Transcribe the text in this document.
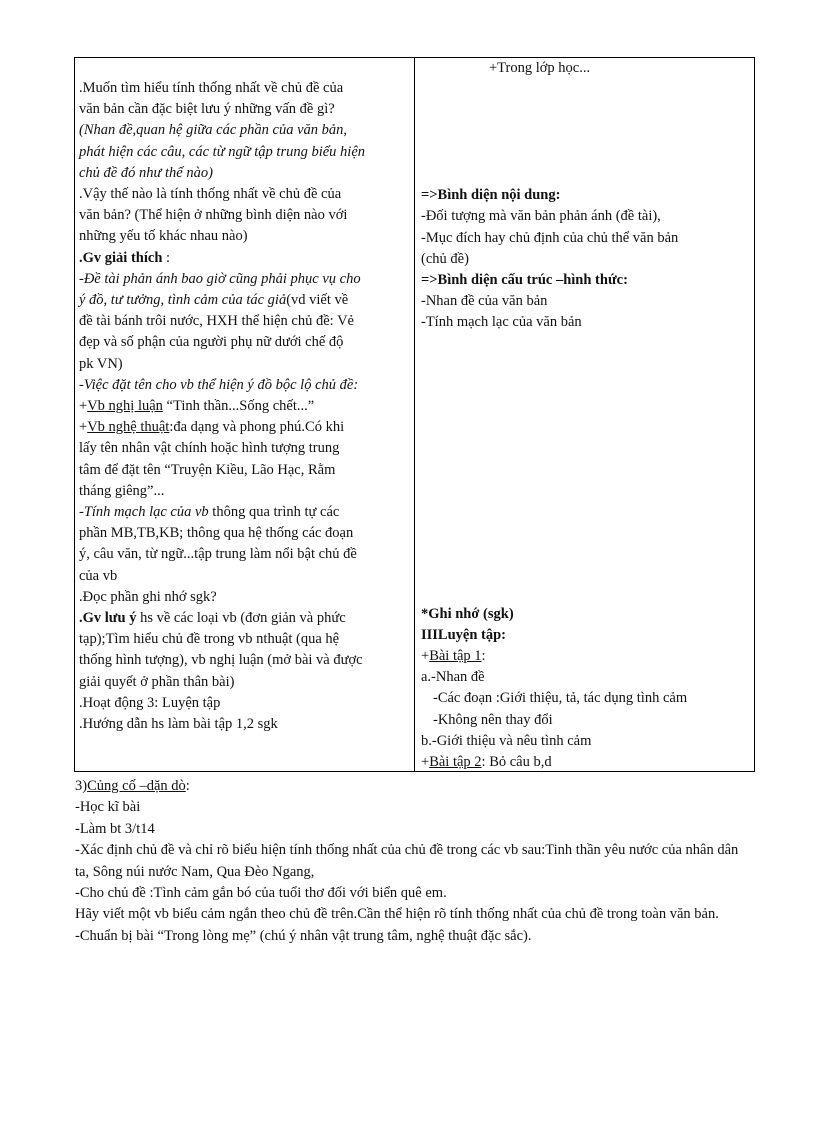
.Muốn tìm hiểu tính thống nhất về chủ đề của
văn bản cần đặc biệt lưu ý những vấn đề gì?
(Nhan đề,quan hệ giữa các phần của văn bản,
phát hiện các câu, các từ ngữ tập trung biểu hiện
chủ đề đó như thế nào)
.Vậy thế nào là tính thống nhất về chủ đề của
văn bản? (Thể hiện ở những bình diện nào với
những yếu tố khác nhau nào)
.Gv giải thích :
-Đề tài phản ánh bao giờ cũng phải phục vụ cho
ý đồ, tư tưởng, tình cảm của tác giả(vd viết về
đề tài bánh trôi nước, HXH thể hiện chủ đề: Vẻ
đẹp và số phận của người phụ nữ dưới chế độ
pk VN)
-Việc đặt tên cho vb thể hiện ý đồ bộc lộ chủ đề:
+Vb nghị luận “Tinh thần...Sống chết...”
+Vb nghệ thuật:đa dạng và phong phú.Có khi
lấy tên nhân vật chính hoặc hình tượng trung
tâm để đặt tên “Truyện Kiều, Lão Hạc, Rằm
tháng giêng”...
-Tính mạch lạc của vb thông qua trình tự các
phần MB,TB,KB; thông qua hệ thống các đoạn
ý, câu văn, từ ngữ...tập trung làm nổi bật chủ đề
của vb
.Đọc phần ghi nhớ sgk?
.Gv lưu ý hs về các loại vb (đơn giản và phức
tạp);Tìm hiểu chủ đề trong vb nthuật (qua hệ
thống hình tượng), vb nghị luận (mở bài và được
giải quyết ở phần thân bài)
.Hoạt động 3: Luyện tập
.Hướng dẫn hs làm bài tập 1,2 sgk
+Trong lớp học...
=>Bình diện nội dung:
-Đối tượng mà văn bản phản ánh (đề tài),
-Mục đích hay chủ định của chủ thể văn bản
(chủ đề)
=>Bình diện cấu trúc –hình thức:
-Nhan đề của văn bản
-Tính mạch lạc của văn bản
*Ghi nhớ (sgk)
IIILuyện tập:
+Bài tập 1:
a.-Nhan đề
-Các đoạn :Giới thiệu, tả, tác dụng tình cảm
-Không nên thay đổi
b.-Giới thiệu và nêu tình cảm
+Bài tập 2: Bỏ câu b,d
3)Củng cố –dặn dò:
-Học kĩ bài
-Làm bt 3/t14
-Xác định chủ đề và chỉ rõ biểu hiện tính thống nhất của chủ đề trong các vb sau:Tinh thần yêu nước của nhân dân ta, Sông núi nước Nam, Qua Đèo Ngang,
-Cho chủ đề :Tình cảm gắn bó của tuổi thơ đối với biển quê em.
Hãy viết một vb biểu cảm ngắn theo chủ đề trên.Cần thể hiện rõ tính thống nhất của chủ đề trong toàn văn bản.
-Chuẩn bị bài “Trong lòng mẹ” (chú ý nhân vật trung tâm, nghệ thuật đặc sắc).
